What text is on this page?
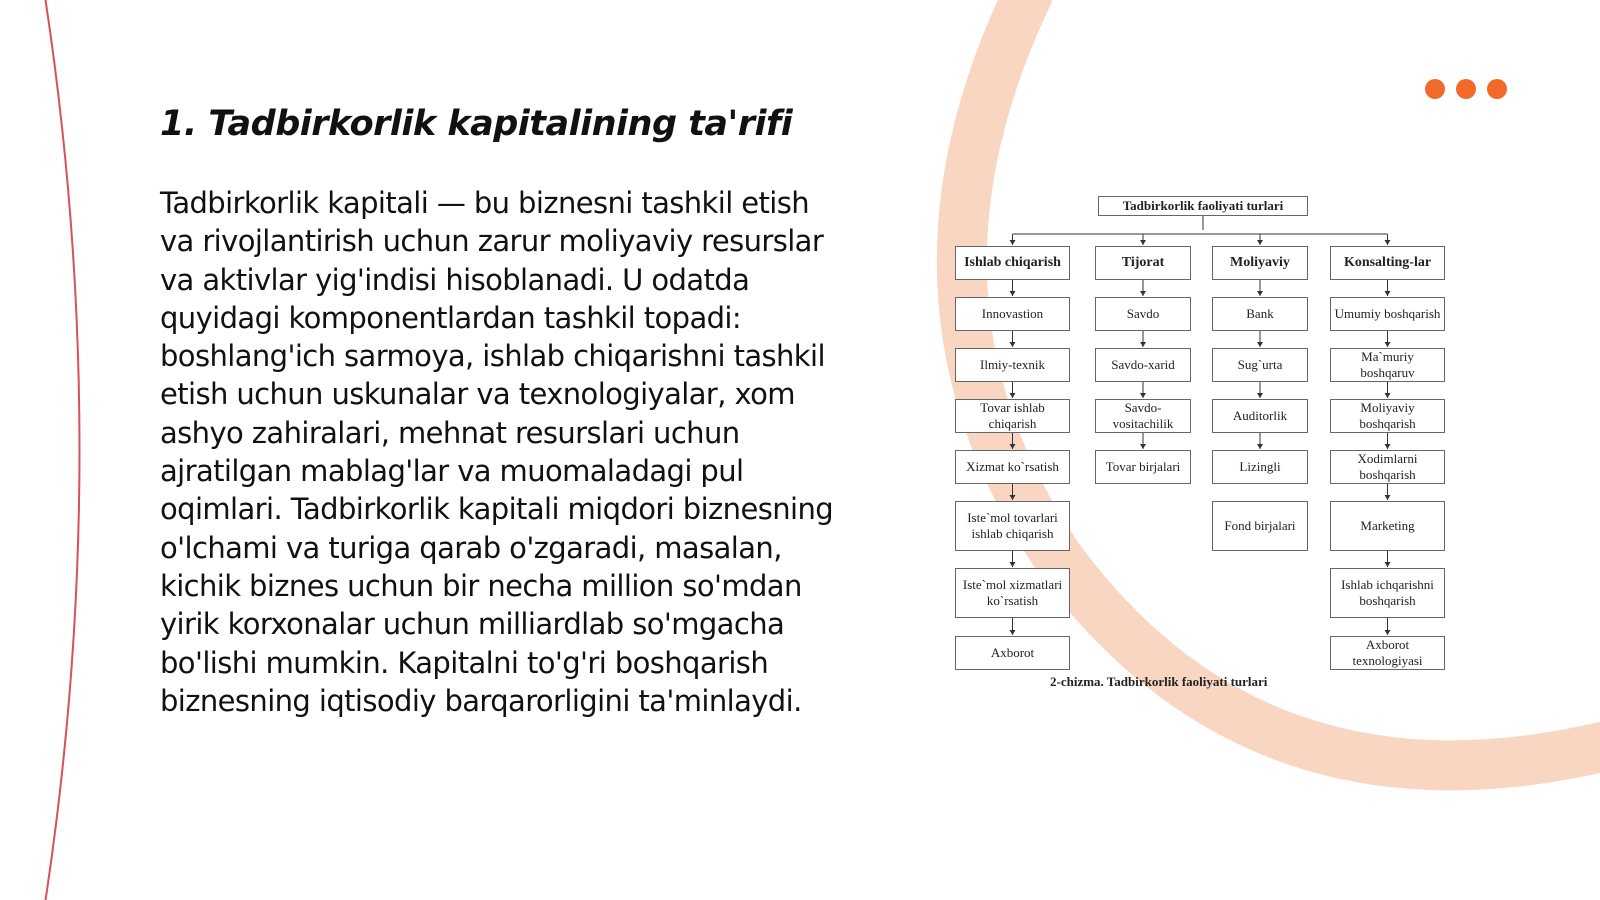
1. Tadbirkorlik kapitalining ta'rifi

Tadbirkorlik kapitali — bu biznesni tashkil etish va rivojlantirish uchun zarur moliyaviy resurslar va aktivlar yig'indisi hisoblanadi. U odatda quyidagi komponentlardan tashkil topadi: boshlang'ich sarmoya, ishlab chiqarishni tashkil etish uchun uskunalar va texnologiyalar, xom ashyo zahiralari, mehnat resurslari uchun ajratilgan mablag'lar va muomaladagi pul oqimlari. Tadbirkorlik kapitali miqdori biznesning o'lchami va turiga qarab o'zgaradi, masalan, kichik biznes uchun bir necha million so'mdan yirik korxonalar uchun milliardlab so'mgacha bo'lishi mumkin. Kapitalni to'g'ri boshqarish biznesning iqtisodiy barqarorligini ta'minlaydi.

Tadbirkorlik faoliyati turlari
Ishlab chiqarish
Innovastion
Ilmiy-texnik
Tovar ishlab chiqarish
Xizmat ko`rsatish
Iste`mol tovarlari ishlab chiqarish
Iste`mol xizmatlari ko`rsatish
Axborot
Tijorat
Savdo
Savdo-xarid
Savdo-vositachilik
Tovar birjalari
Moliyaviy
Bank
Sug`urta
Auditorlik
Lizingli
Fond birjalari
Konsalting-lar
Umumiy boshqarish
Ma`muriy boshqaruv
Moliyaviy boshqarish
Xodimlarni boshqarish
Marketing
Ishlab ichqarishni boshqarish
Axborot texnologiyasi
2-chizma. Tadbirkorlik faoliyati turlari
